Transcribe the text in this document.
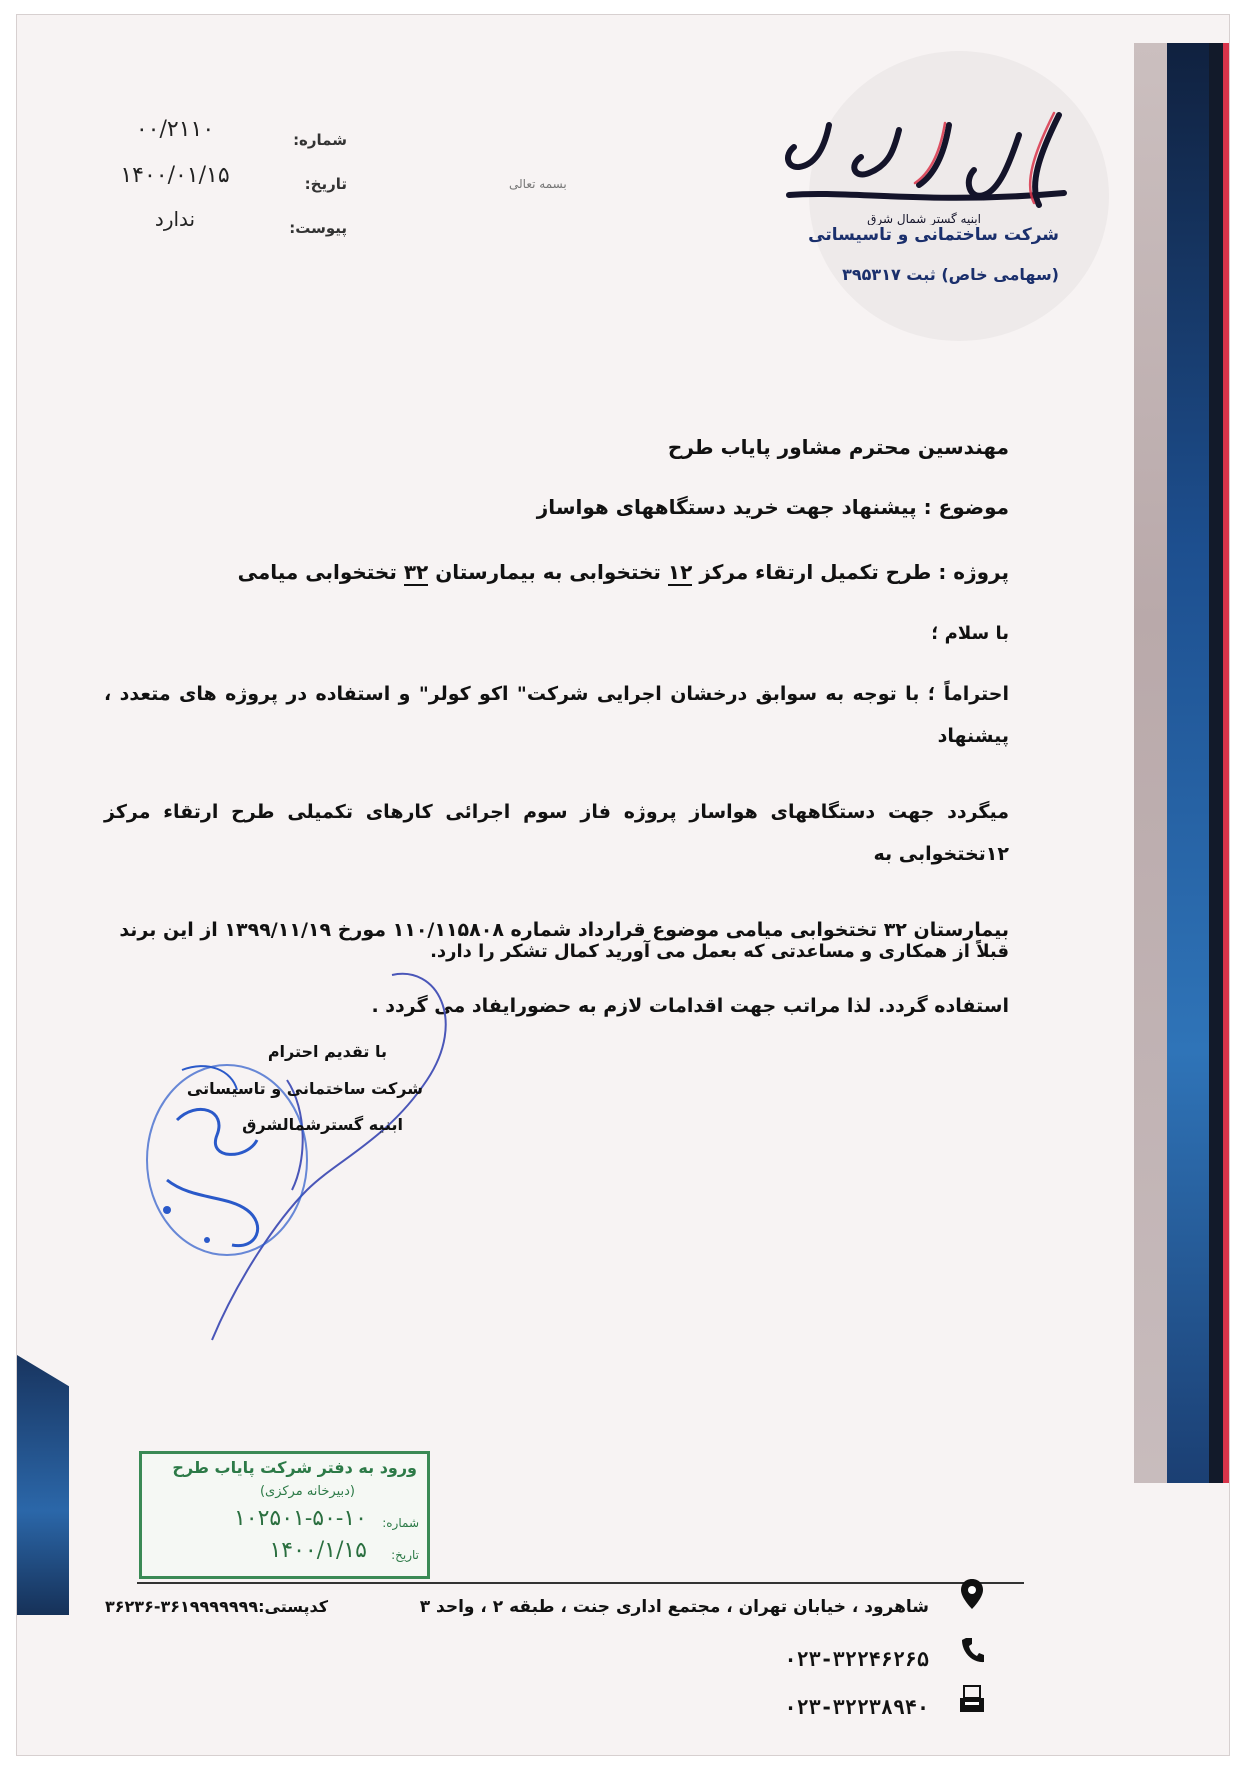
ابنیه گستر شمال شرق
شرکت ساختمانی و تاسیساتی
(سهامی خاص) ثبت ۳۹۵۳۱۷
بسمه تعالی
شماره:
۰۰/۲۱۱۰
تاریخ:
۱۴۰۰/۰۱/۱۵
پیوست:
ندارد
مهندسین محترم مشاور پایاب طرح
موضوع : پیشنهاد جهت خرید دستگاههای هواساز
پروژه : طرح تکمیل ارتقاء مرکز ۱۲ تختخوابی به بیمارستان ۳۲ تختخوابی میامی
با سلام ؛
احتراماً ؛ با توجه به سوابق درخشان اجرایی شرکت" اکو کولر" و استفاده در پروژه های متعدد ، پیشنهاد
میگردد جهت دستگاههای هواساز پروژه فاز سوم اجرائی کارهای تکمیلی طرح ارتقاء مرکز ۱۲تختخوابی به
بیمارستان ۳۲ تختخوابی میامی موضوع قرارداد شماره ۱۱۰/۱۱۵۸۰۸ مورخ ۱۳۹۹/۱۱/۱۹ از این برند
استفاده گردد. لذا مراتب جهت اقدامات لازم به حضورایفاد می گردد .
قبلاً از همکاری و مساعدتی که بعمل می آورید کمال تشکر را دارد.
با تقدیم احترام
شرکت ساختمانی و تاسیساتی
ابنیه گسترشمالشرق
ورود به دفتر شرکت پایاب طرح
(دبیرخانه مرکزی)
شماره:
۱۰۲۵۰۱-۵۰-۱۰
تاریخ:
۱۴۰۰/۱/۱۵
کدپستی:۳۶۱۹۹۹۹۹۹۹-۳۶۲۳۶	شاهرود ، خیابان تهران ، مجتمع اداری جنت ، طبقه ۲ ، واحد ۳
۰۲۳-۳۲۲۴۶۲۶۵
۰۲۳-۳۲۲۳۸۹۴۰
